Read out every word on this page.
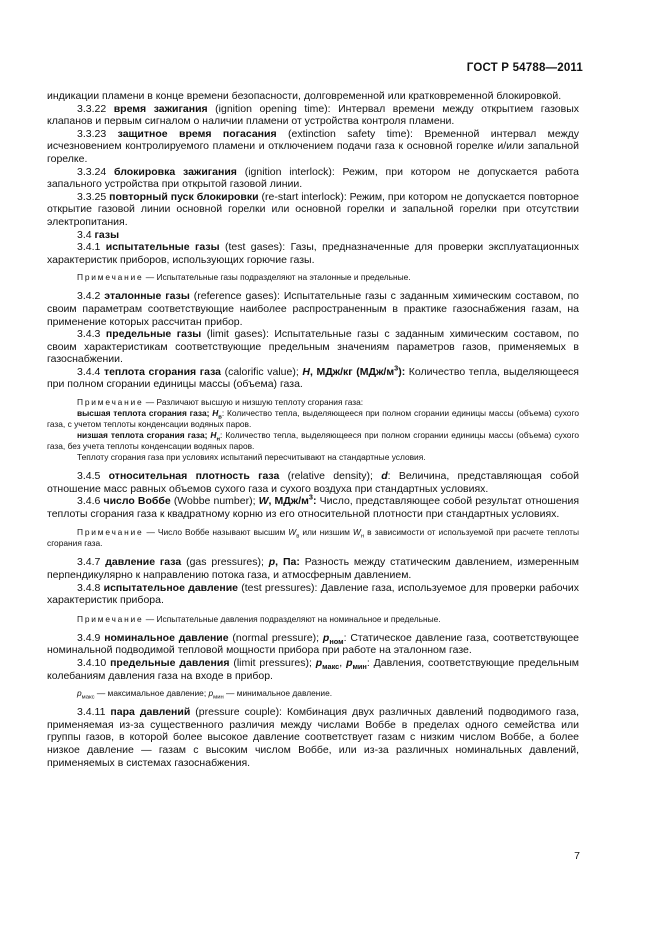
ГОСТ Р 54788—2011

индикации пламени в конце времени безопасности, долговременной или кратковременной блокировкой.

3.3.22 время зажигания (ignition opening time): Интервал времени между открытием газовых клапанов и первым сигналом о наличии пламени от устройства контроля пламени.

3.3.23 защитное время погасания (extinction safety time): Временной интервал между исчезновением контролируемого пламени и отключением подачи газа к основной горелке и/или запальной горелке.

3.3.24 блокировка зажигания (ignition interlock): Режим, при котором не допускается работа запального устройства при открытой газовой линии.

3.3.25 повторный пуск блокировки (re-start interlock): Режим, при котором не допускается повторное открытие газовой линии основной горелки или основной горелки и запальной горелки при отсутствии электропитания.

3.4 газы

3.4.1 испытательные газы (test gases): Газы, предназначенные для проверки эксплуатационных характеристик приборов, использующих горючие газы.

Примечание — Испытательные газы подразделяют на эталонные и предельные.

3.4.2 эталонные газы (reference gases): Испытательные газы с заданным химическим составом, по своим параметрам соответствующие наиболее распространенным в практике газоснабжения газам, на применение которых рассчитан прибор.

3.4.3 предельные газы (limit gases): Испытательные газы с заданным химическим составом, по своим характеристикам соответствующие предельным значениям параметров газов, применяемых в газоснабжении.

3.4.4 теплота сгорания газа (calorific value); H, МДж/кг $(МДж/м^3)$: Количество тепла, выделяющееся при полном сгорании единицы массы (объема) газа.

Примечание — Различают высшую и низшую теплоту сгорания газа:

высшая теплота сгорания газа; $H_в$: Количество тепла, выделяющееся при полном сгорании единицы массы (объема) сухого газа, с учетом теплоты конденсации водяных паров.

низшая теплота сгорания газа; $H_н$: Количество тепла, выделяющееся при полном сгорании единицы массы (объема) сухого газа, без учета теплоты конденсации водяных паров.

Теплоту сгорания газа при условиях испытаний пересчитывают на стандартные условия.

3.4.5 относительная плотность газа (relative density); d: Величина, представляющая собой отношение масс равных объемов сухого газа и сухого воздуха при стандартных условиях.

3.4.6 число Воббе (Wobbe number); W, МДж/$м^3$: Число, представляющее собой результат отношения теплоты сгорания газа к квадратному корню из его относительной плотности при стандартных условиях.

Примечание — Число Воббе называют высшим $W_в$ или низшим $W_н$ в зависимости от используемой при расчете теплоты сгорания газа.

3.4.7 давление газа (gas pressures); p, Па: Разность между статическим давлением, измеренным перпендикулярно к направлению потока газа, и атмосферным давлением.

3.4.8 испытательное давление (test pressures): Давление газа, используемое для проверки рабочих характеристик прибора.

Примечание — Испытательные давления подразделяют на номинальное и предельные.

3.4.9 номинальное давление (normal pressure); $p_{ном}$: Статическое давление газа, соответствующее номинальной подводимой тепловой мощности прибора при работе на эталонном газе.

3.4.10 предельные давления (limit pressures); $p_{макс}$, $p_{мин}$: Давления, соответствующие предельным колебаниям давления газа на входе в прибор.

$p_{макс}$ — максимальное давление; $p_{мин}$ — минимальное давление.

3.4.11 пара давлений (pressure couple): Комбинация двух различных давлений подводимого газа, применяемая из-за существенного различия между числами Воббе в пределах одного семейства или группы газов, в которой более высокое давление соответствует газам с низким числом Воббе, а более низкое давление — газам с высоким числом Воббе, или из-за различных номинальных давлений, применяемых в системах газоснабжения.

7
